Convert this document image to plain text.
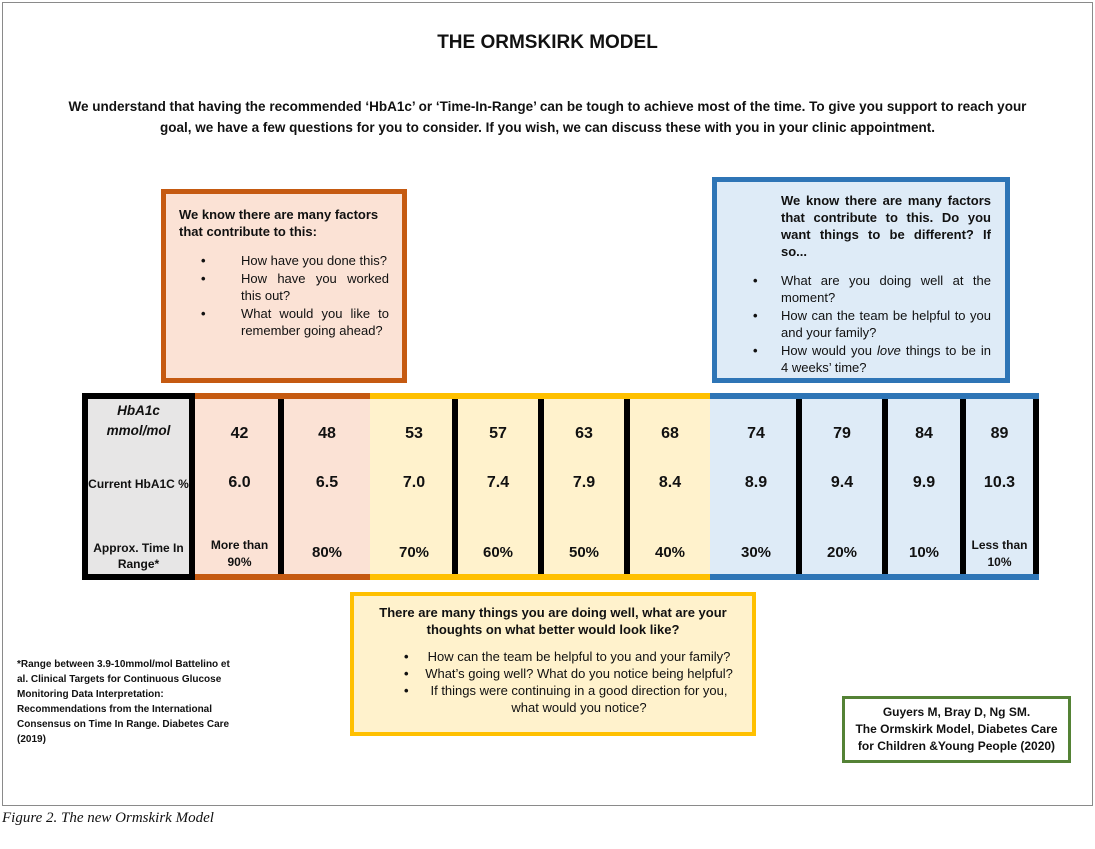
THE ORMSKIRK MODEL
We understand that having the recommended ‘HbA1c’ or ‘Time-In-Range’ can be tough to achieve most of the time. To give you support to reach your goal, we have a few questions for you to consider. If you wish, we can discuss these with you in your clinic appointment.
We know there are many factors that contribute to this:
• How have you done this?
• How have you worked this out?
• What would you like to remember going ahead?
We know there are many factors that contribute to this. Do you want things to be different? If so...
• What are you doing well at the moment?
• How can the team be helpful to you and your family?
• How would you love things to be in 4 weeks’ time?
HbA1c mmol/mol
Current HbA1C %
Approx. Time In Range*
42
6.0
More than 90%
48
6.5
80%
53
7.0
70%
57
7.4
60%
63
7.9
50%
68
8.4
40%
74
8.9
30%
79
9.4
20%
84
9.9
10%
89
10.3
Less than 10%
There are many things you are doing well, what are your thoughts on what better would look like?
• How can the team be helpful to you and your family?
• What’s going well? What do you notice being helpful?
• If things were continuing in a good direction for you, what would you notice?
*Range between 3.9-10mmol/mol Battelino et al. Clinical Targets for Continuous Glucose Monitoring Data Interpretation: Recommendations from the International Consensus on Time In Range. Diabetes Care (2019)
Guyers M, Bray D, Ng SM.
The Ormskirk Model, Diabetes Care
for Children &Young People (2020)
Figure 2. The new Ormskirk Model
